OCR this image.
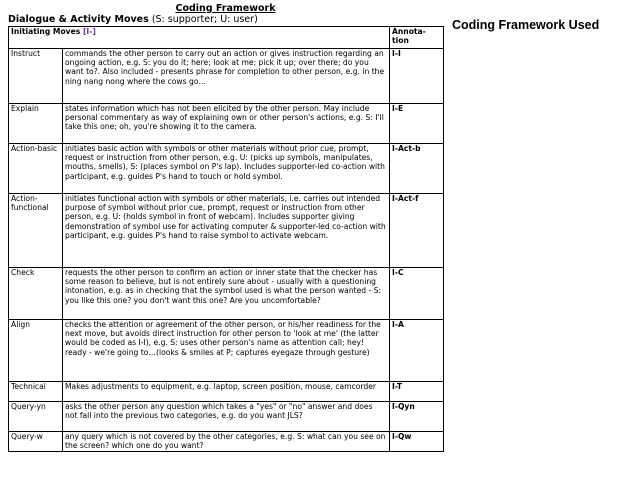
Coding Framework
Dialogue & Activity Moves (S: supporter; U: user)
Initiating Moves [I-]		Annota-tion
Instruct	commands the other person to carry out an action or gives instruction regarding an ongoing action, e.g. S: you do it; here; look at me; pick it up; over there; do you want to?. Also included - presents phrase for completion to other person, e.g. in the ning nang nong where the cows go…	I-I
Explain	states information which has not been elicited by the other person. May include personal commentary as way of explaining own or other person's actions, e.g. S: I'll take this one; oh, you're showing it to the camera.	I-E
Action-basic	initiates basic action with symbols or other materials without prior cue, prompt, request or instruction from other person, e.g. U: (picks up symbols, manipulates, mouths, smells), S: (places symbol on P's lap). Includes supporter-led co-action with participant, e.g. guides P's hand to touch or hold symbol.	I-Act-b
Action-functional	initiates functional action with symbols or other materials, i.e. carries out intended purpose of symbol without prior cue, prompt, request or instruction from other person, e.g. U: (holds symbol in front of webcam). Includes supporter giving demonstration of symbol use for activating computer & supporter-led co-action with participant, e.g. guides P's hand to raise symbol to activate webcam.	I-Act-f
Check	requests the other person to confirm an action or inner state that the checker has some reason to believe, but is not entirely sure about - usually with a questioning intonation, e.g. as in checking that the symbol used is what the person wanted - S: you like this one? you don't want this one? Are you uncomfortable?	I-C
Align	checks the attention or agreement of the other person, or his/her readiness for the next move, but avoids direct instruction for other person to 'look at me' (the latter would be coded as I-I), e.g. S: uses other person's name as attention call; hey! ready - we're going to…(looks & smiles at P; captures eyegaze through gesture)	I-A
Technical	Makes adjustments to equipment, e.g. laptop, screen position, mouse, camcorder	I-T
Query-yn	asks the other person any question which takes a "yes" or "no" answer and does not fall into the previous two categories, e.g. do you want JLS?	I-Qyn
Query-w	any query which is not covered by the other categories, e.g. S: what can you see on the screen? which one do you want?	I-Qw
Coding Framework Used
